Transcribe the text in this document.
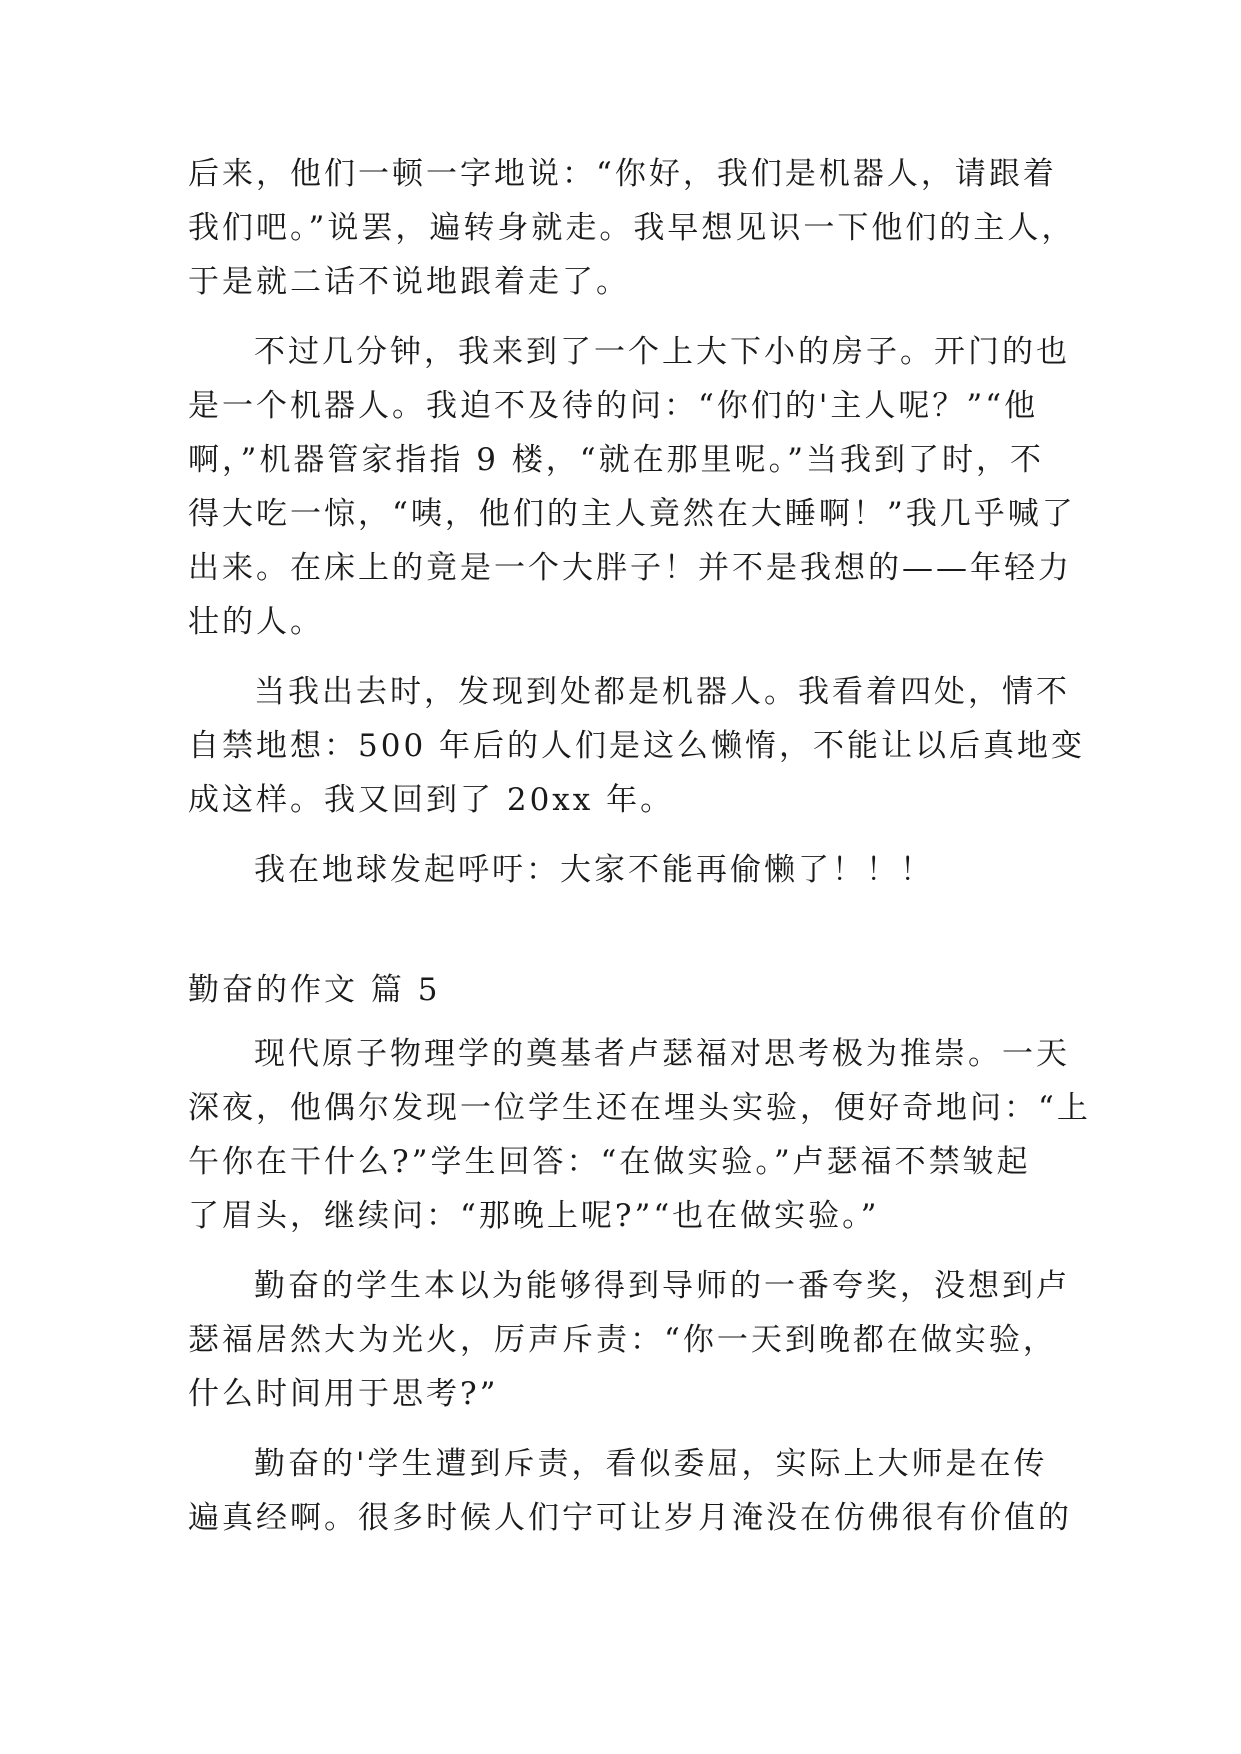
后来，他们一顿一字地说：“你好，我们是机器人，请跟着
我们吧。”说罢，遍转身就走。我早想见识一下他们的主人，
于是就二话不说地跟着走了。
不过几分钟，我来到了一个上大下小的房子。开门的也
是一个机器人。我迫不及待的问：“你们的'主人呢？”“他
啊，”机器管家指指 9 楼，“就在那里呢。”当我到了时，不
得大吃一惊，“咦，他们的主人竟然在大睡啊！”我几乎喊了
出来。在床上的竟是一个大胖子！并不是我想的——年轻力
壮的人。
当我出去时，发现到处都是机器人。我看着四处，情不
自禁地想：500 年后的人们是这么懒惰，不能让以后真地变
成这样。我又回到了 20xx 年。
我在地球发起呼吁：大家不能再偷懒了！！！
勤奋的作文 篇 5
现代原子物理学的奠基者卢瑟福对思考极为推崇。一天
深夜，他偶尔发现一位学生还在埋头实验，便好奇地问：“上
午你在干什么?”学生回答：“在做实验。”卢瑟福不禁皱起
了眉头，继续问：“那晚上呢?”“也在做实验。”
勤奋的学生本以为能够得到导师的一番夸奖，没想到卢
瑟福居然大为光火，厉声斥责：“你一天到晚都在做实验，
什么时间用于思考?”
勤奋的'学生遭到斥责，看似委屈，实际上大师是在传
遍真经啊。很多时候人们宁可让岁月淹没在仿佛很有价值的
